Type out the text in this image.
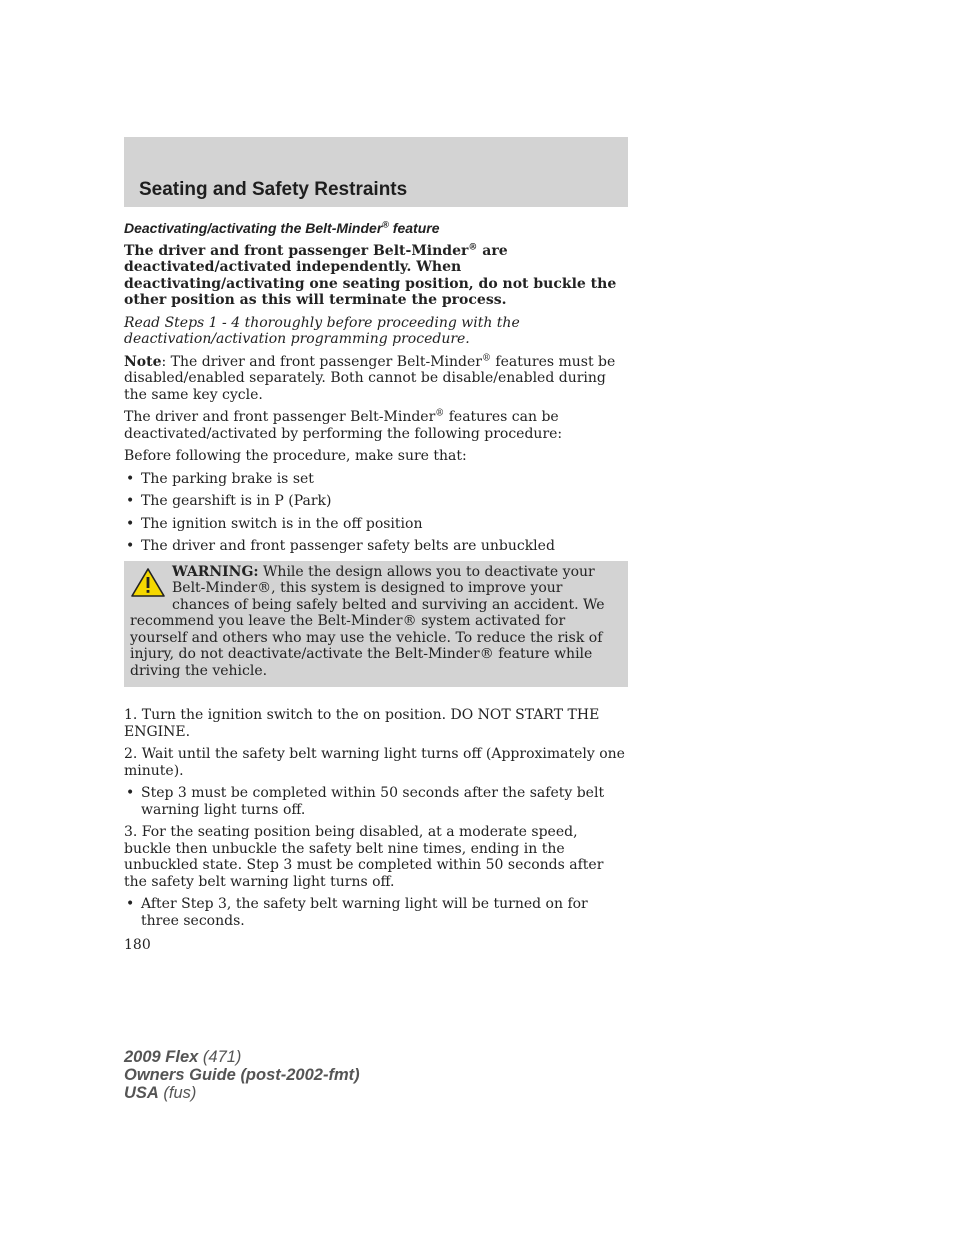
Seating and Safety Restraints
Deactivating/activating the Belt-Minder® feature

The driver and front passenger Belt-Minder® are deactivated/activated independently. When deactivating/activating one seating position, do not buckle the other position as this will terminate the process.

Read Steps 1 - 4 thoroughly before proceeding with the deactivation/activation programming procedure.

Note: The driver and front passenger Belt-Minder® features must be disabled/enabled separately. Both cannot be disable/enabled during the same key cycle.

The driver and front passenger Belt-Minder® features can be deactivated/activated by performing the following procedure:

Before following the procedure, make sure that:

• The parking brake is set
• The gearshift is in P (Park)
• The ignition switch is in the off position
• The driver and front passenger safety belts are unbuckled
WARNING: While the design allows you to deactivate your Belt-Minder®, this system is designed to improve your chances of being safely belted and surviving an accident. We recommend you leave the Belt-Minder® system activated for yourself and others who may use the vehicle. To reduce the risk of injury, do not deactivate/activate the Belt-Minder® feature while driving the vehicle.

1. Turn the ignition switch to the on position. DO NOT START THE ENGINE.

2. Wait until the safety belt warning light turns off (Approximately one minute).

• Step 3 must be completed within 50 seconds after the safety belt warning light turns off.

3. For the seating position being disabled, at a moderate speed, buckle then unbuckle the safety belt nine times, ending in the unbuckled state. Step 3 must be completed within 50 seconds after the safety belt warning light turns off.

• After Step 3, the safety belt warning light will be turned on for three seconds.
180
2009 Flex (471)
Owners Guide (post-2002-fmt)
USA (fus)
